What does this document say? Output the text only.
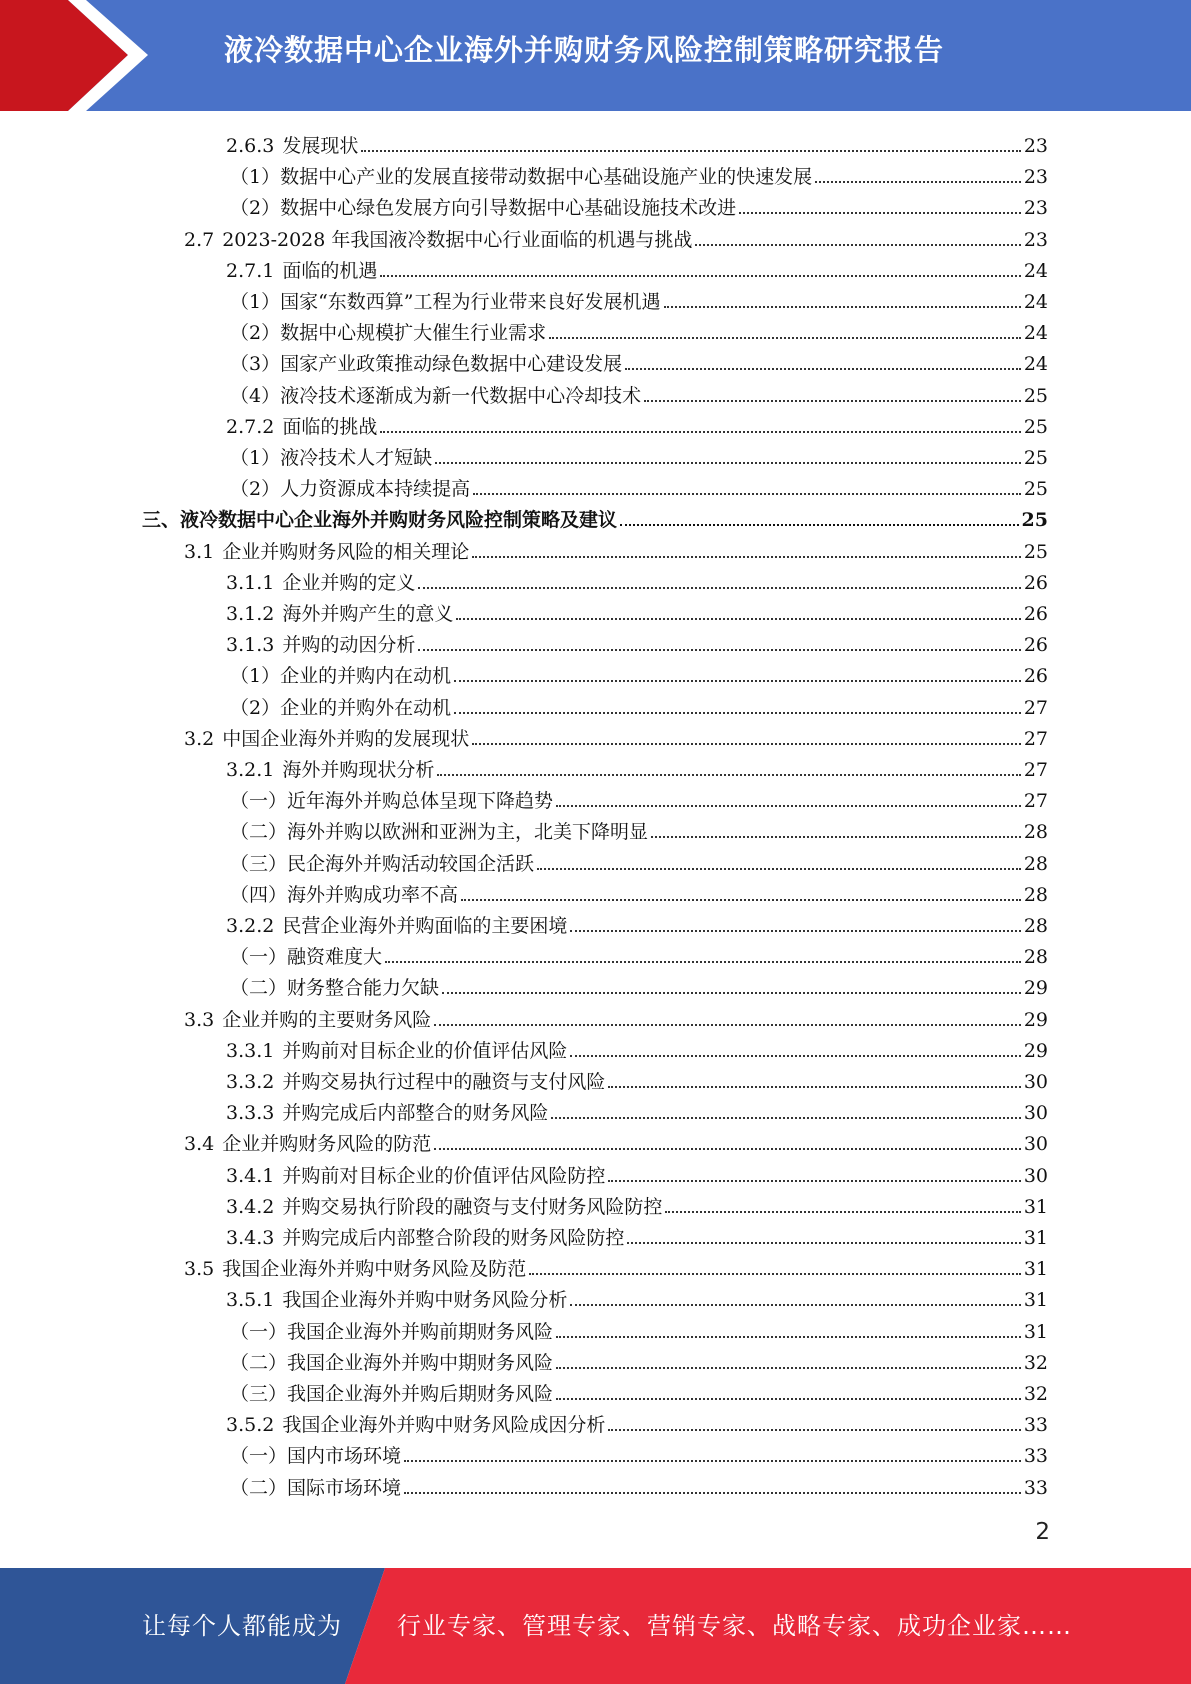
液冷数据中心企业海外并购财务风险控制策略研究报告
2.6.3 发展现状	23
（1） 数据中心产业的发展直接带动数据中心基础设施产业的快速发展	23
（2） 数据中心绿色发展方向引导数据中心基础设施技术改进	23
2.7 2023-2028 年我国液冷数据中心行业面临的机遇与挑战	23
2.7.1 面临的机遇	24
（1） 国家“东数西算”工程为行业带来良好发展机遇	24
（2） 数据中心规模扩大催生行业需求	24
（3） 国家产业政策推动绿色数据中心建设发展	24
（4） 液冷技术逐渐成为新一代数据中心冷却技术	25
2.7.2 面临的挑战	25
（1） 液冷技术人才短缺	25
（2） 人力资源成本持续提高	25
三、液冷数据中心企业海外并购财务风险控制策略及建议	25
3.1 企业并购财务风险的相关理论	25
3.1.1 企业并购的定义	26
3.1.2 海外并购产生的意义	26
3.1.3 并购的动因分析	26
（1） 企业的并购内在动机	26
（2） 企业的并购外在动机	27
3.2 中国企业海外并购的发展现状	27
3.2.1 海外并购现状分析	27
（一） 近年海外并购总体呈现下降趋势	27
（二） 海外并购以欧洲和亚洲为主，北美下降明显	28
（三） 民企海外并购活动较国企活跃	28
（四） 海外并购成功率不高	28
3.2.2 民营企业海外并购面临的主要困境	28
（一） 融资难度大	28
（二） 财务整合能力欠缺	29
3.3 企业并购的主要财务风险	29
3.3.1 并购前对目标企业的价值评估风险	29
3.3.2 并购交易执行过程中的融资与支付风险	30
3.3.3 并购完成后内部整合的财务风险	30
3.4 企业并购财务风险的防范	30
3.4.1 并购前对目标企业的价值评估风险防控	30
3.4.2 并购交易执行阶段的融资与支付财务风险防控	31
3.4.3 并购完成后内部整合阶段的财务风险防控	31
3.5 我国企业海外并购中财务风险及防范	31
3.5.1 我国企业海外并购中财务风险分析	31
（一） 我国企业海外并购前期财务风险	31
（二） 我国企业海外并购中期财务风险	32
（三） 我国企业海外并购后期财务风险	32
3.5.2 我国企业海外并购中财务风险成因分析	33
（一） 国内市场环境	33
（二） 国际市场环境	33
2
让每个人都能成为 行业专家、管理专家、营销专家、战略专家、成功企业家……
